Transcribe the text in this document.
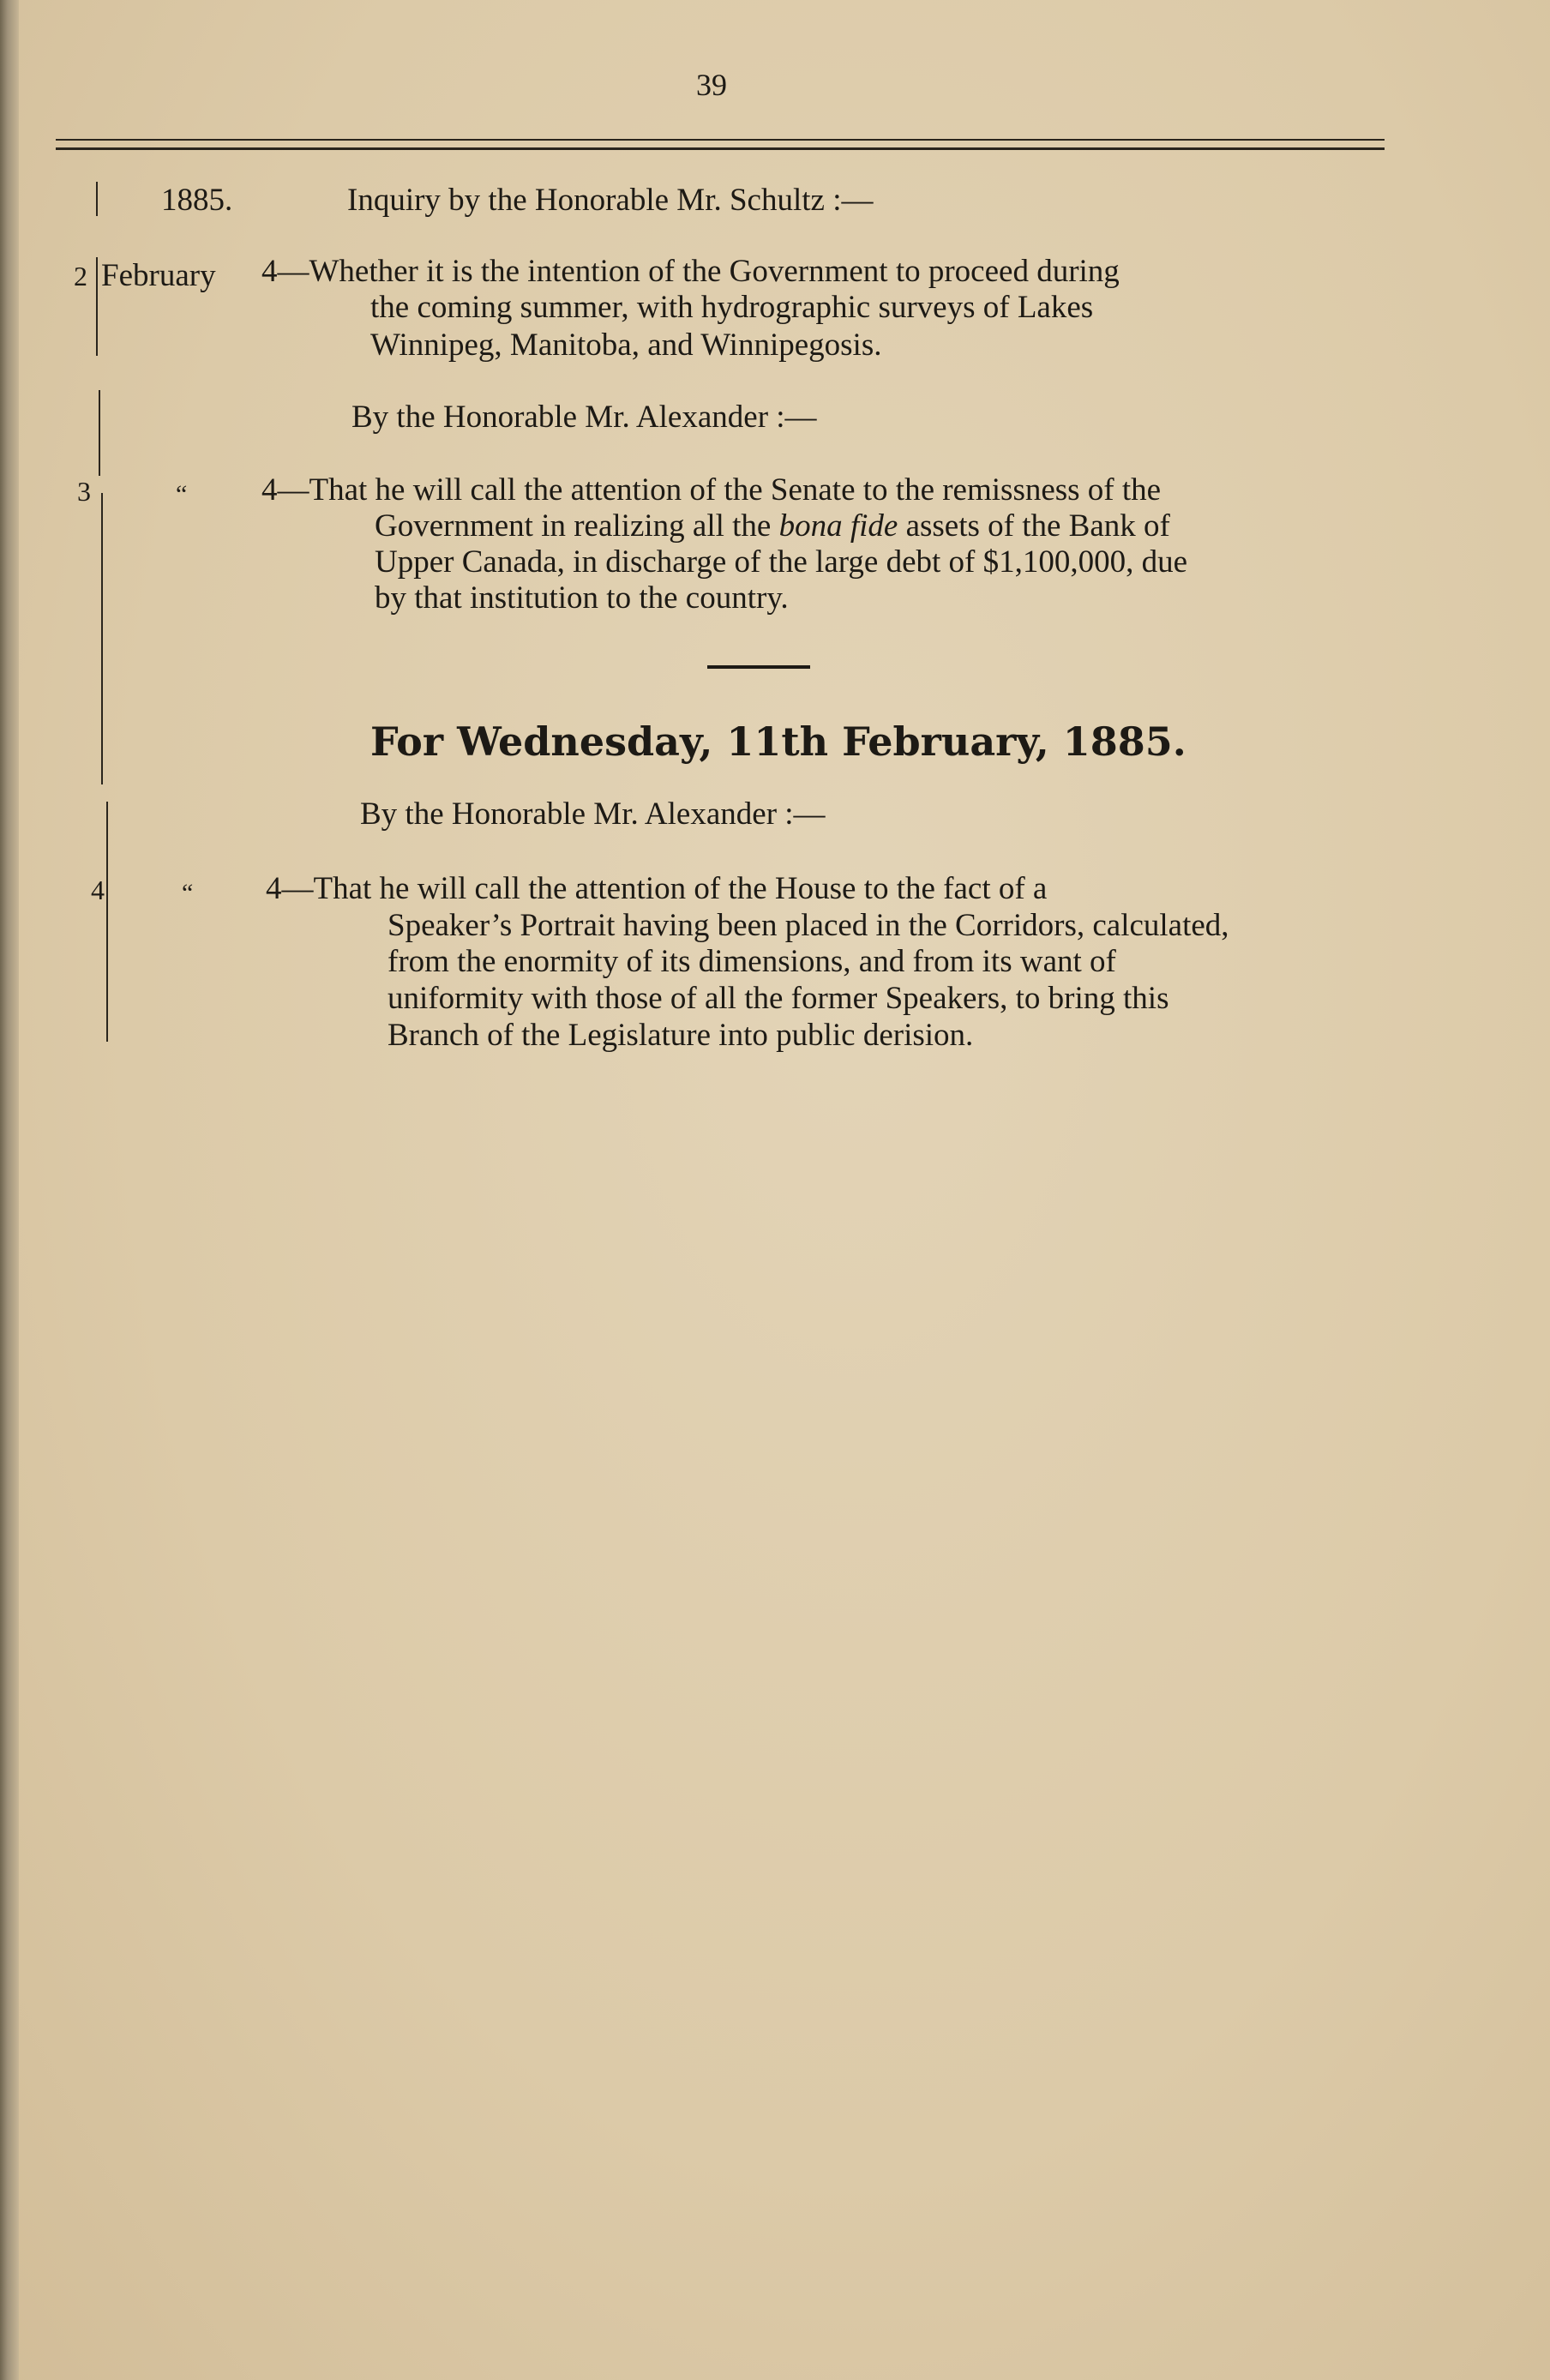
39
1885.	Inquiry by the Honorable Mr. Schultz :—
2 February 4—Whether it is the intention of the Government to proceed during
the coming summer, with hydrographic surveys of Lakes
Winnipeg, Manitoba, and Winnipegosis.
By the Honorable Mr. Alexander :—
3	“ 4—That he will call the attention of the Senate to the remissness of the
Government in realizing all the bona fide assets of the Bank of
Upper Canada, in discharge of the large debt of $1,100,000, due
by that institution to the country.
For Wednesday, 11th February, 1885.
By the Honorable Mr. Alexander :—
4	“ 4—That he will call the attention of the House to the fact of a
Speaker’s Portrait having been placed in the Corridors, calculated,
from the enormity of its dimensions, and from its want of
uniformity with those of all the former Speakers, to bring this
Branch of the Legislature into public derision.
